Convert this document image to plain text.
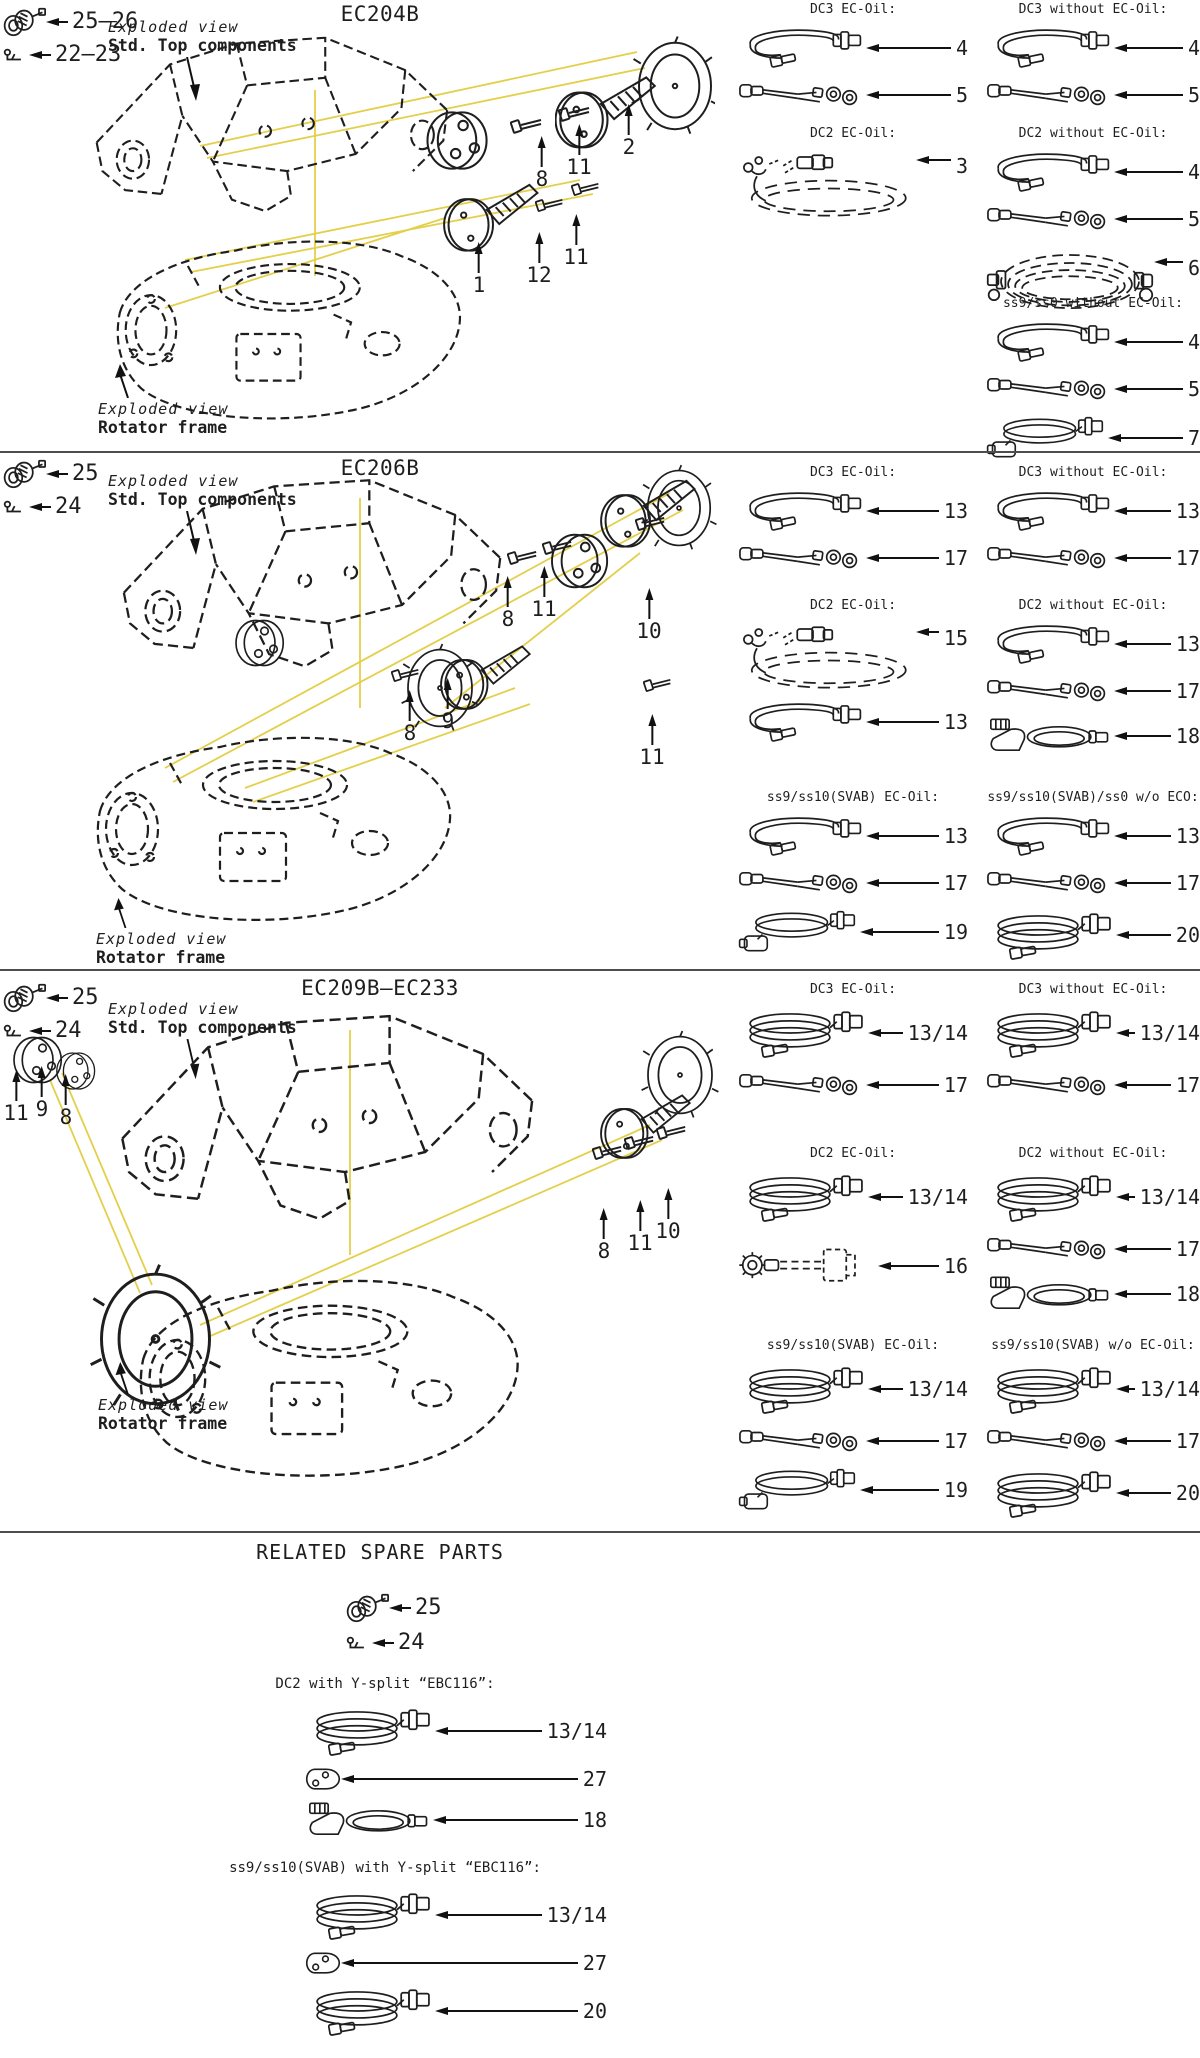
EC204B
25–26
22–23
Exploded view
Std. Top components
Exploded view
Rotator frame
DC3 EC-Oil:
4
5
DC2 EC-Oil:
3
DC3 without EC-Oil:
4
5
DC2 without EC-Oil:
4
5
6
ss9/ss0 without EC-Oil:
4
5
7
8 11
2
1 12
11
EC206B
25
24
Exploded view
Std. Top components
Exploded view
Rotator frame
DC3 EC-Oil:
13
17
DC2 EC-Oil:
15
13
ss9/ss10(SVAB) EC-Oil:
13
17
19
DC3 without EC-Oil:
13
17
DC2 without EC-Oil:
13
17
18
ss9/ss10(SVAB)/ss0 w/o ECO:
13
17
20
8 11
10
8 9
11
EC209B–EC233
25
24
Exploded view
Std. Top components
Exploded view
Rotator frame
DC3 EC-Oil:
13/14
17
DC2 EC-Oil:
13/14
16
ss9/ss10(SVAB) EC-Oil:
13/14
17
19
DC3 without EC-Oil:
13/14
17
DC2 without EC-Oil:
13/14
17
18
ss9/ss10(SVAB) w/o EC-Oil:
13/14
17
20
8 11 10
11 9 8
RELATED SPARE PARTS
25
24
DC2 with Y-split “EBC116”:
13/14
27
18
ss9/ss10(SVAB) with Y-split “EBC116”:
13/14
27
20
